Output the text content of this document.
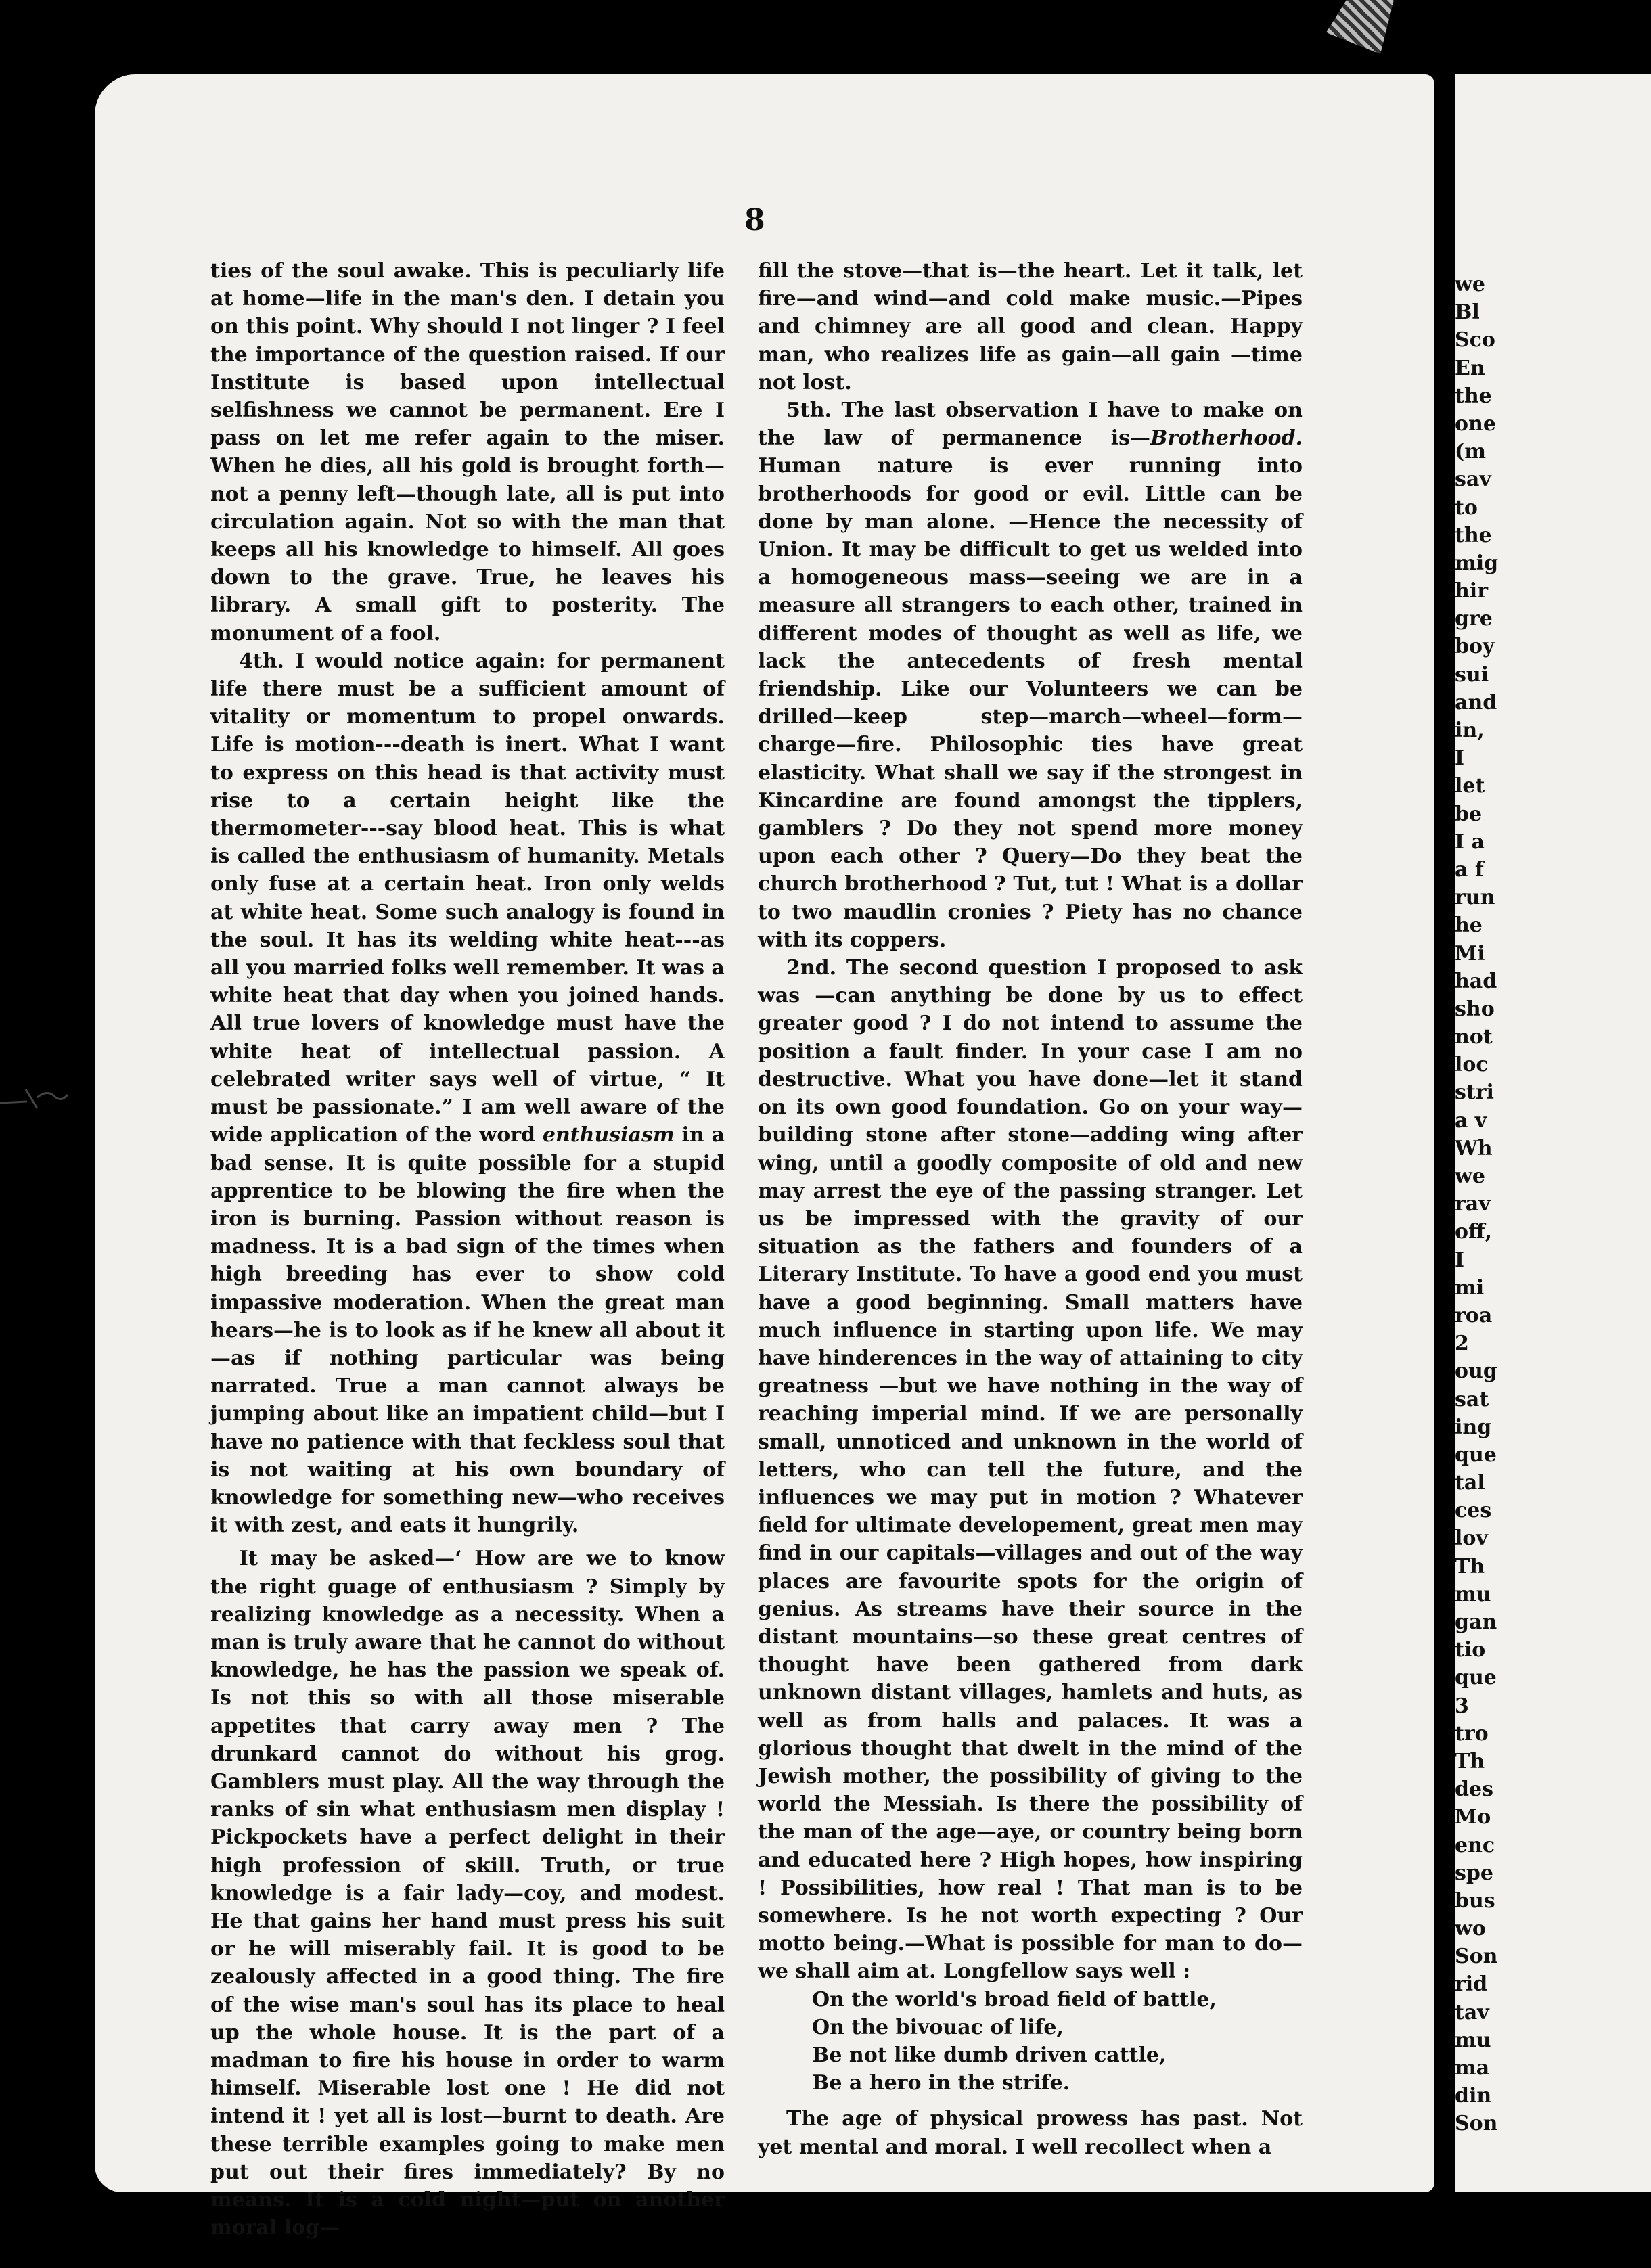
8

ties of the soul awake. This is peculiarly life at home—life in the man's den. I detain you on this point. Why should I not linger ? I feel the importance of the question raised. If our Institute is based upon intellectual selfishness we cannot be permanent. Ere I pass on let me refer again to the miser. When he dies, all his gold is brought forth—not a penny left—though late, all is put into circulation again. Not so with the man that keeps all his knowledge to himself. All goes down to the grave. True, he leaves his library. A small gift to posterity. The monument of a fool.

4th. I would notice again: for permanent life there must be a sufficient amount of vitality or momentum to propel onwards. Life is motion---death is inert. What I want to express on this head is that activity must rise to a certain height like the thermometer---say blood heat. This is what is called the enthusiasm of humanity. Metals only fuse at a certain heat. Iron only welds at white heat. Some such analogy is found in the soul. It has its welding white heat---as all you married folks well remember. It was a white heat that day when you joined hands. All true lovers of knowledge must have the white heat of intellectual passion. A celebrated writer says well of virtue, “ It must be passionate.” I am well aware of the wide application of the word enthusiasm in a bad sense. It is quite possible for a stupid apprentice to be blowing the fire when the iron is burning. Passion without reason is madness. It is a bad sign of the times when high breeding has ever to show cold impassive moderation. When the great man hears—he is to look as if he knew all about it—as if nothing particular was being narrated. True a man cannot always be jumping about like an impatient child—but I have no patience with that feckless soul that is not waiting at his own boundary of knowledge for something new—who receives it with zest, and eats it hungrily.

It may be asked—‘ How are we to know the right guage of enthusiasm ? Simply by realizing knowledge as a necessity. When a man is truly aware that he cannot do without knowledge, he has the passion we speak of. Is not this so with all those miserable appetites that carry away men ? The drunkard cannot do without his grog. Gamblers must play. All the way through the ranks of sin what enthusiasm men display ! Pickpockets have a perfect delight in their high profession of skill. Truth, or true knowledge is a fair lady—coy, and modest. He that gains her hand must press his suit or he will miserably fail. It is good to be zealously affected in a good thing. The fire of the wise man's soul has its place to heal up the whole house. It is the part of a madman to fire his house in order to warm himself. Miserable lost one ! He did not intend it ! yet all is lost—burnt to death. Are these terrible examples going to make men put out their fires immediately? By no means. It is a cold night—put on another moral log—

fill the stove—that is—the heart. Let it talk, let fire—and wind—and cold make music.—Pipes and chimney are all good and clean. Happy man, who realizes life as gain—all gain —time not lost.

5th. The last observation I have to make on the law of permanence is—Brotherhood. Human nature is ever running into brotherhoods for good or evil. Little can be done by man alone. —Hence the necessity of Union. It may be difficult to get us welded into a homogeneous mass—seeing we are in a measure all strangers to each other, trained in different modes of thought as well as life, we lack the antecedents of fresh mental friendship. Like our Volunteers we can be drilled—keep step—march—wheel—form—charge—fire. Philosophic ties have great elasticity. What shall we say if the strongest in Kincardine are found amongst the tipplers, gamblers ? Do they not spend more money upon each other ? Query—Do they beat the church brotherhood ? Tut, tut ! What is a dollar to two maudlin cronies ? Piety has no chance with its coppers.

2nd. The second question I proposed to ask was —can anything be done by us to effect greater good ? I do not intend to assume the position a fault finder. In your case I am no destructive. What you have done—let it stand on its own good foundation. Go on your way—building stone after stone—adding wing after wing, until a goodly composite of old and new may arrest the eye of the passing stranger. Let us be impressed with the gravity of our situation as the fathers and founders of a Literary Institute. To have a good end you must have a good beginning. Small matters have much influence in starting upon life. We may have hinderences in the way of attaining to city greatness —but we have nothing in the way of reaching imperial mind. If we are personally small, unnoticed and unknown in the world of letters, who can tell the future, and the influences we may put in motion ? Whatever field for ultimate developement, great men may find in our capitals—villages and out of the way places are favourite spots for the origin of genius. As streams have their source in the distant mountains—so these great centres of thought have been gathered from dark unknown distant villages, hamlets and huts, as well as from halls and palaces. It was a glorious thought that dwelt in the mind of the Jewish mother, the possibility of giving to the world the Messiah. Is there the possibility of the man of the age—aye, or country being born and educated here ? High hopes, how inspiring ! Possibilities, how real ! That man is to be somewhere. Is he not worth expecting ? Our motto being.—What is possible for man to do—we shall aim at. Longfellow says well :

On the world's broad field of battle,
On the bivouac of life,
Be not like dumb driven cattle,
Be a hero in the strife.

The age of physical prowess has past. Not yet mental and moral. I well recollect when a

we
Bl
Sco
En
the
one
(m
sav
to
the
mig
hir
gre
boy
sui
and
in,
I
let
be
I a
a f
run
he
Mi
had
sho
not
loc
stri
a v
Wh
we
rav
off,
I
mi
roa
2
oug
sat
ing
que
tal
ces
lov
Th
mu
gan
tio
que
3
tro
Th
des
Mo
enc
spe
bus
wo
Son
rid
tav
mu
ma
din
Son
